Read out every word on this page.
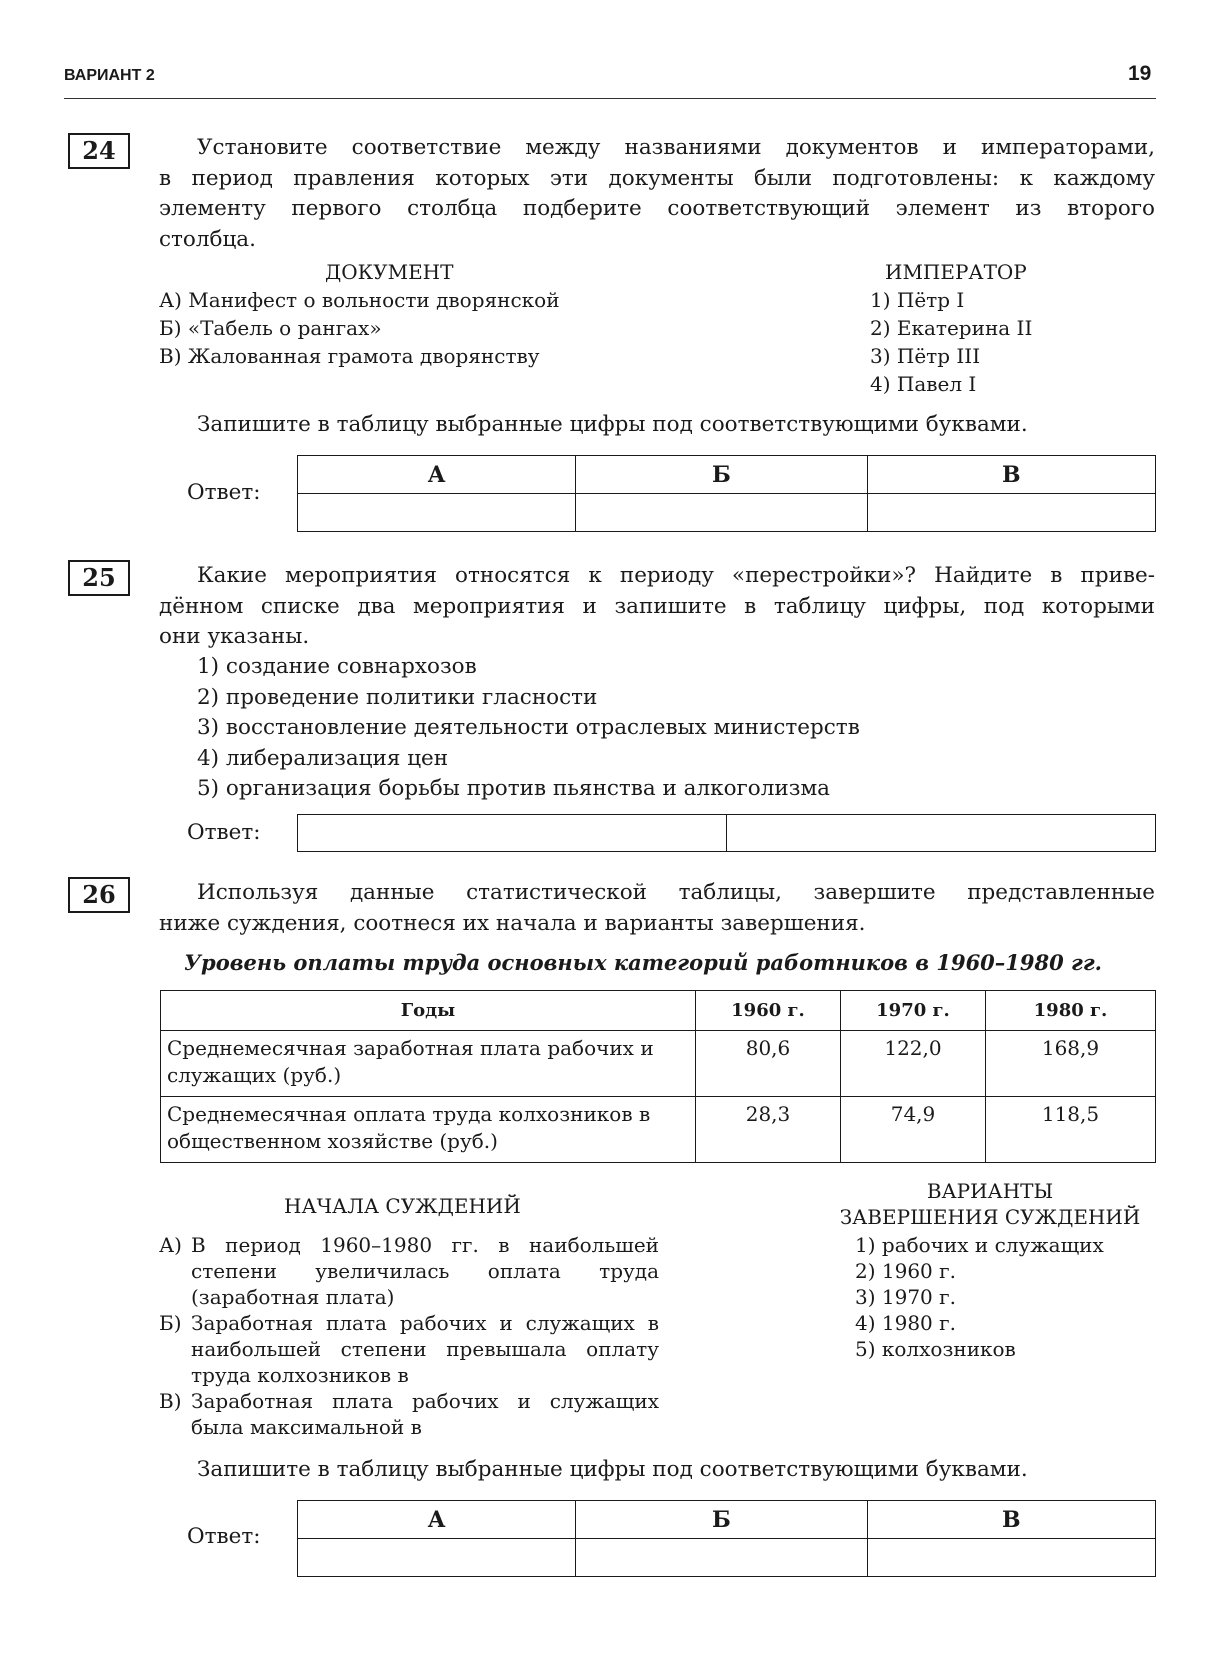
ВАРИАНТ 2	19
24	Установите соответствие между названиями документов и императорами,
в период правления которых эти документы были подготовлены: к каждому
элементу первого столбца подберите соответствующий элемент из второго
столбца.
ДОКУМЕНТ	ИМПЕРАТОР
А) Манифест о вольности дворянской
Б) «Табель о рангах»
В) Жалованная грамота дворянству
1) Пётр I
2) Екатерина II
3) Пётр III
4) Павел I
Запишите в таблицу выбранные цифры под соответствующими буквами.
Ответ:
А	Б	В

25	Какие мероприятия относятся к периоду «перестройки»? Найдите в приве-
дённом списке два мероприятия и запишите в таблицу цифры, под которыми
они указаны.
1) создание совнархозов
2) проведение политики гласности
3) восстановление деятельности отраслевых министерств
4) либерализация цен
5) организация борьбы против пьянства и алкоголизма
Ответ:

26	Используя данные статистической таблицы, завершите представленные
ниже суждения, соотнеся их начала и варианты завершения.
Уровень оплаты труда основных категорий работников в 1960–1980 гг.
Годы	1960 г.	1970 г.	1980 г.
Среднемесячная заработная плата рабочих и служащих (руб.)	80,6	122,0	168,9
Среднемесячная оплата труда колхозников в общественном хозяйстве (руб.)	28,3	74,9	118,5
НАЧАЛА СУЖДЕНИЙ
ВАРИАНТЫ
ЗАВЕРШЕНИЯ СУЖДЕНИЙ
А) В период 1960–1980 гг. в наибольшей степени увеличилась оплата труда (заработная плата)
Б) Заработная плата рабочих и служащих в наибольшей степени превышала оплату труда колхозников в
В) Заработная плата рабочих и служащих была максимальной в
1) рабочих и служащих
2) 1960 г.
3) 1970 г.
4) 1980 г.
5) колхозников
Запишите в таблицу выбранные цифры под соответствующими буквами.
Ответ:
А	Б	В
